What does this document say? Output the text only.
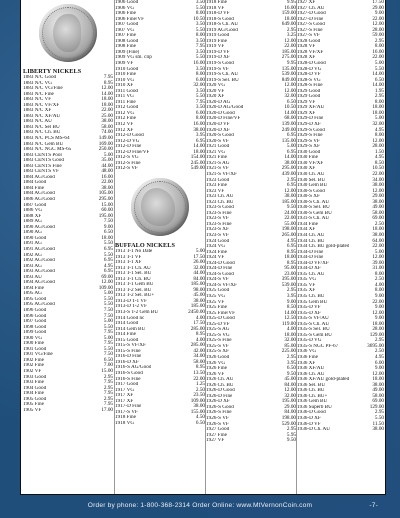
LIBERTY NICKELS
1883 N/C Good	7.95
1883 N/C VG	8.95
1883 N/C VG/Fine	12.00
1883 N/C Fine	14.00
1883 N/C VF	18.00
1883 N/C VF/XF	18.00
1883 N/C XF	22.00
1883 N/C XF/AU	25.00
1883 N/C AU	38.00
1883 N/C Sel BU	58.00
1883 N/C Ch. BU	74.00
1883 N/C PCS MS-64	149.00
1883 N/C Gem BU	169.00
1883 N/C NGC MS-65	250.00
1883 CENTS Poor	5.00
1883 CENTS Good	35.00
1883 CENTS Fine	44.00
1883 CENTS VF	48.00
1884 AG/Good	16.00
1884 Good	22.00
1884 Fine	38.00
1884 AG/Good	105.00
1886 AG/Good	295.00
1887 Good	15.00
1886 VG	60.00
1888 XF	195.00
1889 AG	7.50
1890 AG/Good	9.00
1890 AG	6.50
1890 Good	18.00
1891 AG	5.50
1891 AG/Good	6.95
1892 AG	5.50
1892 AG/Good	6.95
1893 AG	4.95
1893 AG/Good	6.95
1893 AU	69.00
1894 AG/Good	12.00
1894 Fine	109.00
1895 AG	5.00
1895 Good	5.50
1895 AG/Good	5.50
1896 Good	7.50
1896 Good	7.50
1897 Good	5.00
1898 Good	5.50
1899 Good	7.95
1900 VG	5.00
1900 Fine	7.95
1901 Good	5.50
1901 VG/Fine	7.50
1902 Fine	6.50
1902 Fine	7.00
1902 VF	15.00
1903 Good	2.95
1903 Fine	7.95
1904 Good	2.95
1904 Fine	7.95
1905 Good	2.95
1905 Fine	7.95
1905 VF	17.00
1906 Good	3.50
1906 VG	5.50
1906 Fine	8.00
1906 Fine/VF	10.50
1907 Good	3.50
1907 VG	5.50
1907 Fine	8.00
1908 Good	3.50
1908 Fine	7.95
1909 (Fine)	3.50
1909 VG sm. clip	5.50
1909 VF	16.00
1910 Good	3.50
1910 Fine	8.00
1910 VG	6.00
1910 XF	32.00
1911 Good	3.50
1911 VG	5.50
1911 Fine	7.95
1912 Good	3.50
1912 VG	6.00
1912 Fine	8.00
1912 VF	16.00
1912 XF	38.00
1912-D Good	3.95
1912-D VG	6.95
1912-D Fine	14.00
1912-D Fine/VF	18.00
1912-S VG	154.00
1912-S Fine	245.00
1912-S VF	549.00
BUFFALO NICKELS
1913 T-1 No Date	5.00
1913 T-1 VF	17.50
1913 T-1 XF	26.00
1913 T-1 Ch. AU	32.00
1913 T-1 Sel. BU	44.00
1913 T-1 Ch. BU	84.00
1913 T-1 Gem BU	185.00
1913 T-2 Sel. BU	98.00
1913 T-2 Sel. BU+	45.00
1913-D T-1 VF	38.00
1913-D T-2 VF	185.00
1913-S T-2 Gem BU	2450.00
1914 Good nc	4.00
1914 Good	17.50
1914 Gem BU	285.00
1914 Fine	8.95
1915 Good	4.00
1915-S VF/XF	285.00
1915-S Fine	42.00
1916-D Fine	34.00
1916-D XF	58.00
1916-S AG/Good	8.95
1916-S Good	13.50
1916-S Fine	22.00
1917 Good	1.25
1917 VG	2.50
1917 XF	23.50
1917 XF	109.00
1917-D Fine	38.00
1917-S VF	155.00
1918 Fine	4.50
1918 VG	6.50
1918 Fine	9.95
1918 VF	16.00
1918-D VF	159.00
1918-S Good	18.00
1918-S Ch. AU	649.00
1919 AG/Good	2.95
1919 Good	3.25
1919 Fine	12.00
1919 VF	22.00
1919-D VF	185.00
1919-D XF	275.00
1919-S Good	9.95
1919-S VF	135.00
1919-S Ch. AU	539.00
1919-S Sel. BU	849.00
1920 VG	12.00
1920 VF	12.00
1920 XF	32.00
1920-D AG	6.50
1920-D AG/Good	10.50
1920-D Good	14.00
1920-D Fine/VF	68.00
1920-D VF	139.00
1920-D XF	249.00
1920-S Good	6.95
1920-S VF	135.00
1921 Good	5.00
1921 VG	6.95
1921 Fine	14.00
1921-S AG	38.00
1921-S VF	295.00
1921-S VF/XF	439.00
1923 Good	2.95
1923 Fine	6.95
1923 VF	12.00
1923 Ch. AU	38.00
1923 Ch. BU	185.00
1923-S Good	9.50
1923-S Fine	24.00
1923-S VF	22.00
1923-S Fine	55.00
1923-S XF	198.00
1923-S VF	265.00
1924 Good	4.95
1924 VG	6.95
1924 Fine	8.95
1924 VF	18.00
1924-D Good	8.95
1924-D Fine	95.00
1924-S Good	23.00
1924-S VF	395.00
1924-S VF/XF	539.00
1925 Good	2.95
1925 VG	3.95
1925 VF	9.00
1925 Fine	8.50
1925 Fine/VF	14.00
1925-D Good	12.50
1925-D VF	119.00
1925-S AG	4.00
1925-S VG	18.00
1925-S Fine	32.00
1925-S VF	85.00
1925-S XF	225.00
1926 Good	2.95
1926 VG	3.95
1926 Fine	6.50
1926 VF	9.50
1926 Ch. AU	45.00
1926 Ch. BU	84.00
1926-D Good	12.00
1926-D Fine	32.00
1926-D XF	195.00
1926-S Good	29.00
1926-S Fine	84.00
1926-S VF	198.00
1926-S VF	529.00
1927 Good	2.95
1927 Fine	5.95
1927 VF	9.50
1927 XF	17.50
1927 Ch. AU	29.00
1927-D Good	9.00
1927-D Fine	22.00
1927-S Good	12.00
1927-S Fine	28.00
1927-S VF	59.00
1928 Good	2.95
1928 VF	8.00
1928 VF/XF	16.00
1928 XF	22.00
1928-D Good	5.00
1928-D VG	5.50
1928-D VF	14.00
1928-S VG	6.50
1928-S Fine	14.00
1929 Good	1.95
1929 Good	2.95
1929 VF	8.00
1929 XF/AU	18.00
1929 XF	18.00
1929-D Fine	5.00
1929-D XF	32.00
1929-S Good	4.95
1929-S Fine	8.00
1929-S VF	12.00
1929-S XF	28.00
1930 Good	1.50
1930 Fine	4.95
1930 VF/XF	8.50
1930 XF	10.50
1930 Ch. AU	22.00
1930 Sel. BU	34.00
1930 Gem BU	38.00
1930-S Good	12.00
1930-S XF	29.00
1930-S Ch. AU	38.00
1930-S Sel. BU	49.00
1930-S Gem BU	58.00
1931-S Ch. AU	69.00
1934 Fine	2.50
1934 XF	18.00
1934 Ch. AU	38.00
1934 Ch. BU	64.00
1934 Ch. BU gold-plated	22.00
1934-D Fine	5.00
1934-D Fine	12.00
1934-D VF/XF	39.00
1934-D XF	31.00
1935 Ch. AU	8.00
1935 VG	2.50
1935 VF	4.00
1935 XF	8.00
1935 Ch. BU	9.00
1935 Gem BU	22.00
1935-D VF	9.00
1935-D XF	12.00
1935-S VF/AU	9.00
1935-S Ch. AU	18.00
1935-S Sel. BU	28.00
1935-S Gem BU	129.00
1935-D VG	2.95
1935-S NGC PF-67	3695.00
1936 VG	2.50
1936 Fine	4.95
1936 XF	6.00
1936 XF/AU	9.00
1936 Ch. AU	12.00
1936 XF/AU gold-plated	18.00
1936 Sel. BU	38.00
1936 Ch. BU	49.00
1936 Ch. BU+	58.00
1936 Gem BU	69.00
1936 Superb BU	129.00
1936-D Good	2.95
1936-D XF	5.50
1936-D VF	11.50
1936-D Ch. AU	38.00
Order by phone: 1-800-368-2314 Order Online: www.MtVernonCoin.com	-7-
